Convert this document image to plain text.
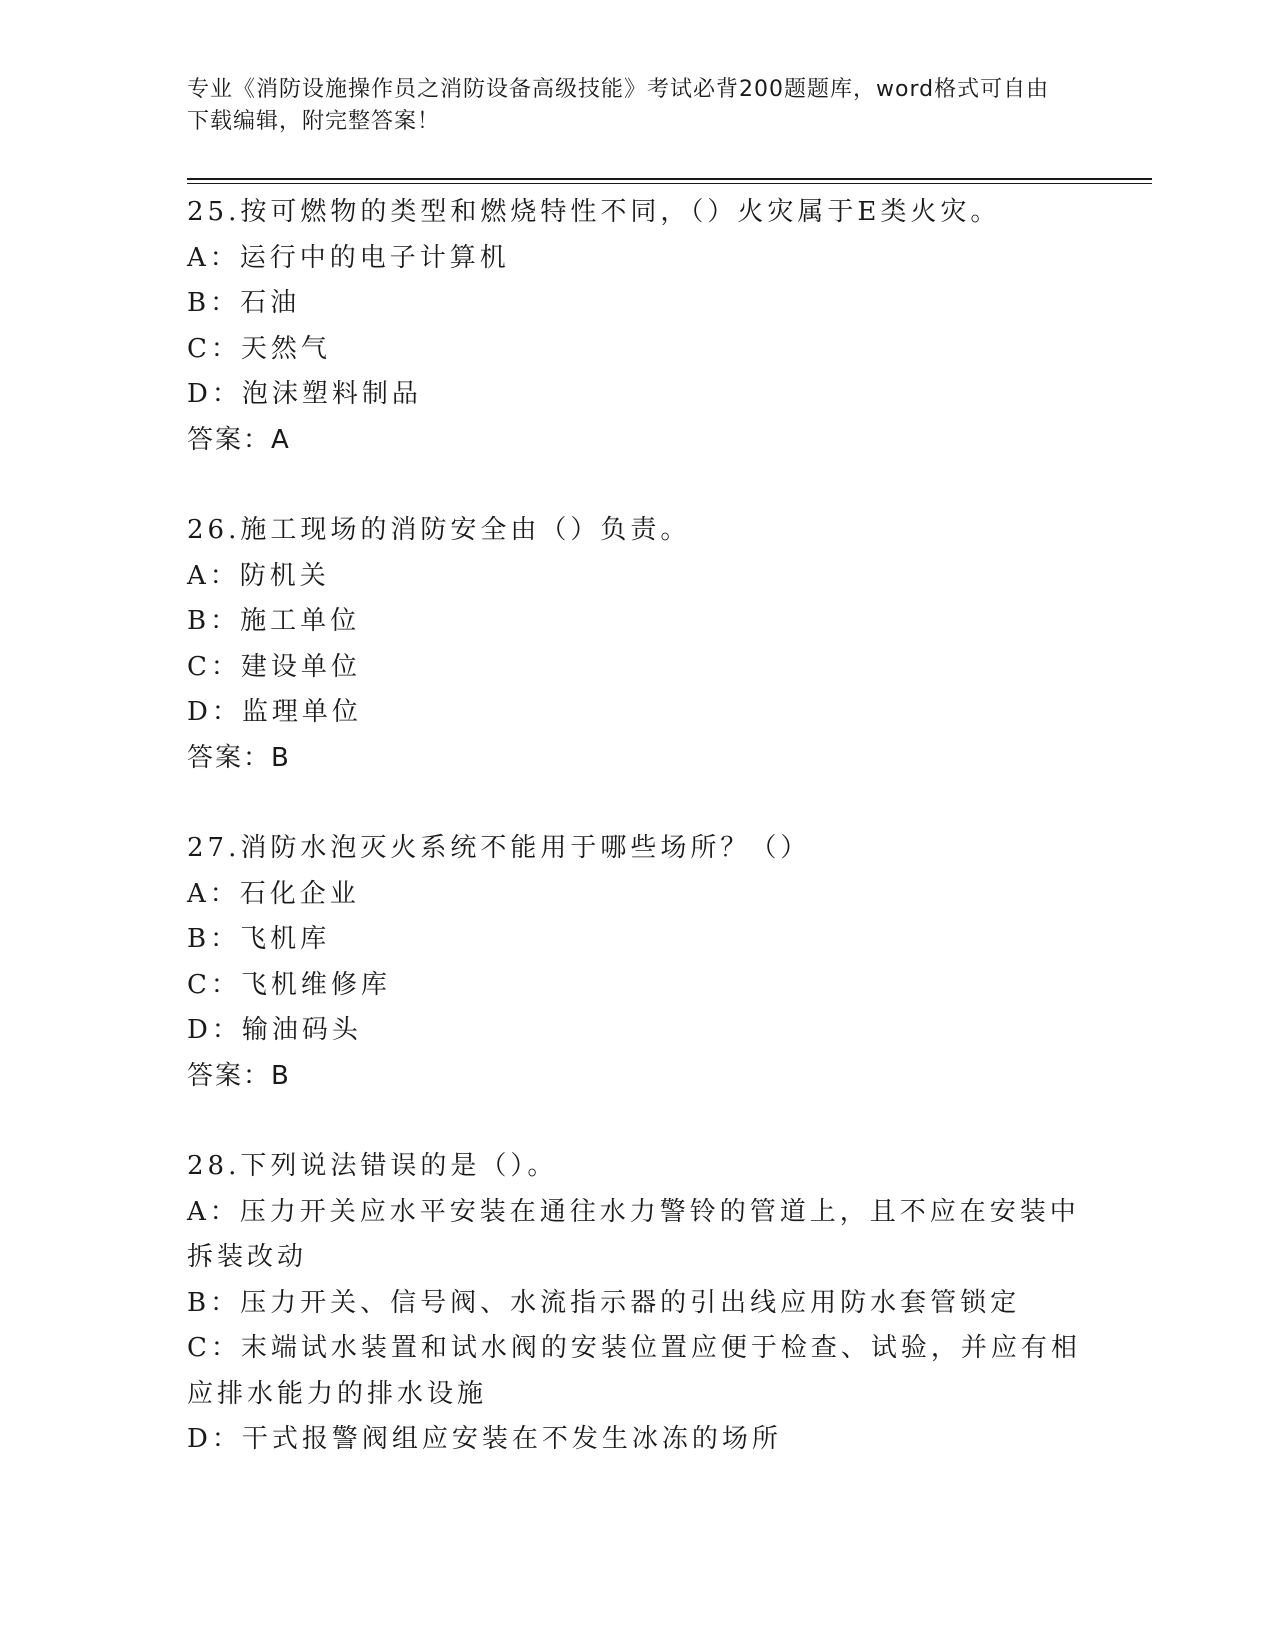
专业《消防设施操作员之消防设备高级技能》考试必背200题题库，word格式可自由下载编辑，附完整答案！
25.按可燃物的类型和燃烧特性不同，（）火灾属于E类火灾。
A：运行中的电子计算机
B：石油
C：天然气
D：泡沫塑料制品
答案：A
26.施工现场的消防安全由（）负责。
A：防机关
B：施工单位
C：建设单位
D：监理单位
答案：B
27.消防水泡灭火系统不能用于哪些场所？（）
A：石化企业
B：飞机库
C：飞机维修库
D：输油码头
答案：B
28.下列说法错误的是（）。
A：压力开关应水平安装在通往水力警铃的管道上，且不应在安装中拆装改动
B：压力开关、信号阀、水流指示器的引出线应用防水套管锁定
C：末端试水装置和试水阀的安装位置应便于检查、试验，并应有相应排水能力的排水设施
D：干式报警阀组应安装在不发生冰冻的场所
